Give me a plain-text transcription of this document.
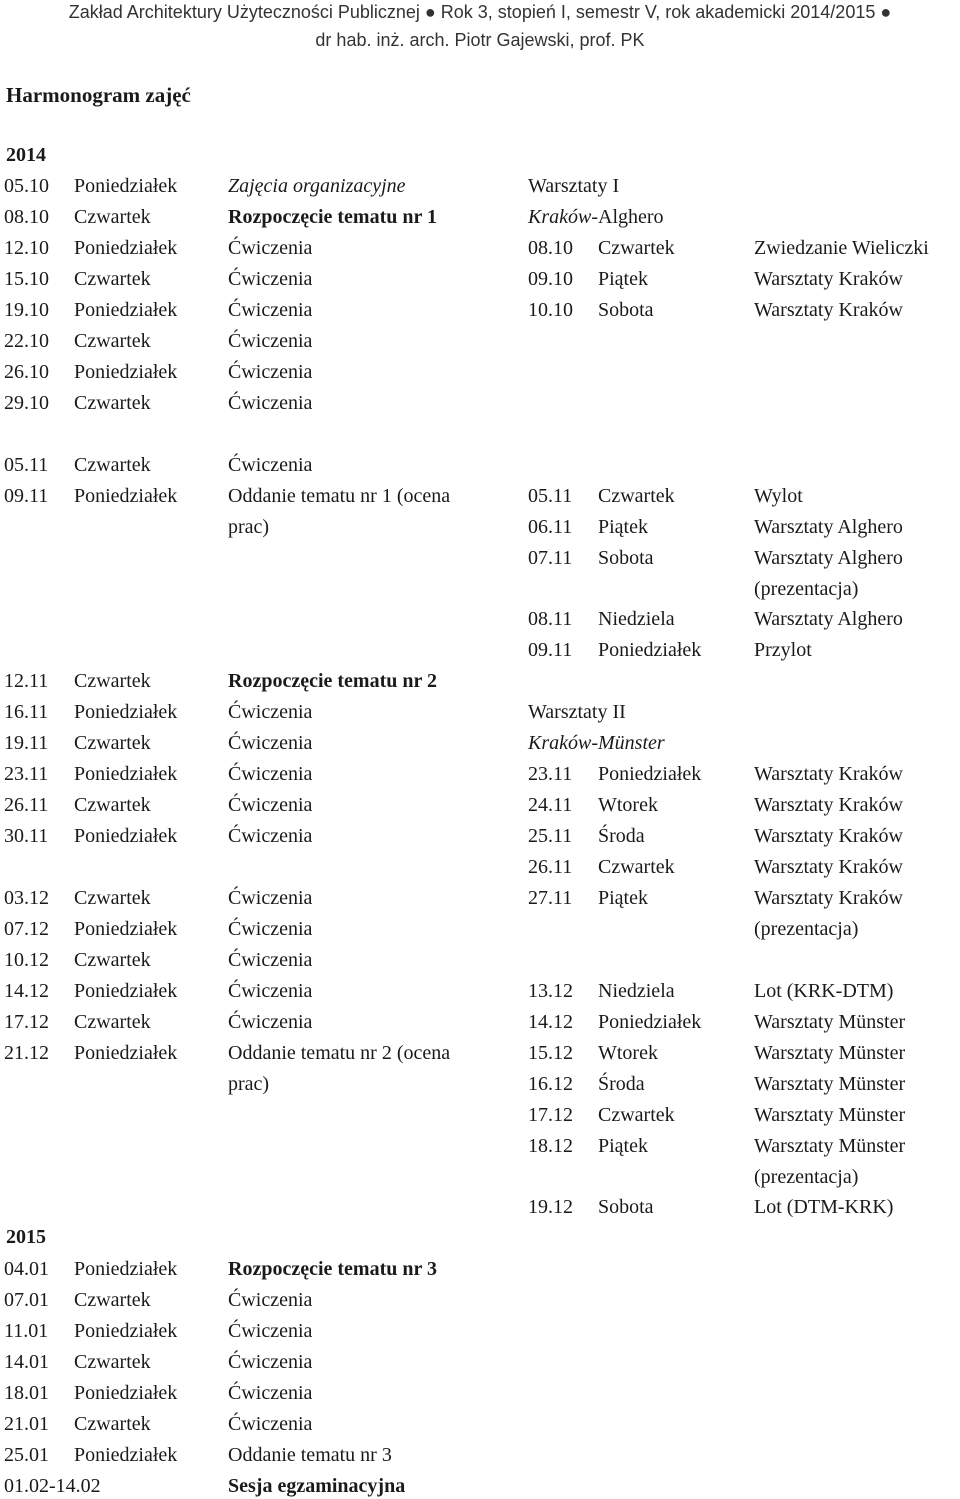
Zakład Architektury Użyteczności Publicznej ● Rok 3, stopień I, semestr V, rok akademicki 2014/2015 ●
dr hab. inż. arch. Piotr Gajewski, prof. PK
Harmonogram zajęć
2014
2015
Warsztaty I
Kraków-Alghero
Warsztaty II
Kraków-Münster
05.10 Poniedziałek	Zajęcia organizacyjne
08.10 Czwartek	Rozpoczęcie tematu nr 1
12.10 Poniedziałek	Ćwiczenia
15.10 Czwartek	Ćwiczenia
19.10 Poniedziałek	Ćwiczenia
22.10 Czwartek	Ćwiczenia
26.10 Poniedziałek	Ćwiczenia
29.10 Czwartek	Ćwiczenia
05.11 Czwartek	Ćwiczenia
09.11 Poniedziałek	Oddanie tematu nr 1 (ocena
prac)
12.11 Czwartek	Rozpoczęcie tematu nr 2
16.11 Poniedziałek	Ćwiczenia
19.11 Czwartek	Ćwiczenia
23.11 Poniedziałek	Ćwiczenia
26.11 Czwartek	Ćwiczenia
30.11 Poniedziałek	Ćwiczenia
03.12 Czwartek	Ćwiczenia
07.12 Poniedziałek	Ćwiczenia
10.12 Czwartek	Ćwiczenia
14.12 Poniedziałek	Ćwiczenia
17.12 Czwartek	Ćwiczenia
21.12 Poniedziałek	Oddanie tematu nr 2 (ocena
prac)
04.01 Poniedziałek	Rozpoczęcie tematu nr 3
07.01 Czwartek	Ćwiczenia
11.01 Poniedziałek	Ćwiczenia
14.01 Czwartek	Ćwiczenia
18.01 Poniedziałek	Ćwiczenia
21.01 Czwartek	Ćwiczenia
25.01 Poniedziałek	Oddanie tematu nr 3
01.02-14.02	Sesja egzaminacyjna
08.10 Czwartek	Zwiedzanie Wieliczki
09.10 Piątek	Warsztaty Kraków
10.10 Sobota	Warsztaty Kraków
05.11 Czwartek	Wylot
06.11 Piątek	Warsztaty Alghero
07.11 Sobota	Warsztaty Alghero
(prezentacja)
08.11 Niedziela	Warsztaty Alghero
09.11 Poniedziałek	Przylot
23.11 Poniedziałek	Warsztaty Kraków
24.11 Wtorek	Warsztaty Kraków
25.11 Środa	Warsztaty Kraków
26.11 Czwartek	Warsztaty Kraków
27.11 Piątek	Warsztaty Kraków
(prezentacja)
13.12 Niedziela	Lot (KRK-DTM)
14.12 Poniedziałek	Warsztaty Münster
15.12 Wtorek	Warsztaty Münster
16.12 Środa	Warsztaty Münster
17.12 Czwartek	Warsztaty Münster
18.12 Piątek	Warsztaty Münster
(prezentacja)
19.12 Sobota	Lot (DTM-KRK)
